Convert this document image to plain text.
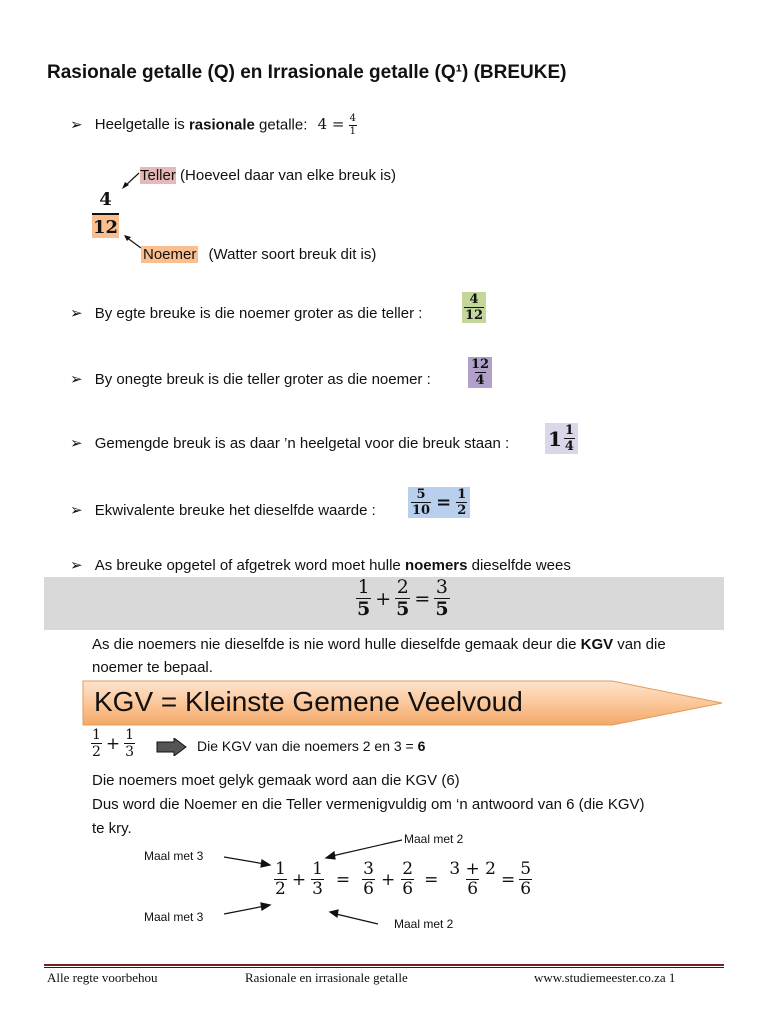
Rasionale getalle (Q) en Irrasionale getalle (Q¹) (BREUKE)
➢ Heelgetalle is rasionale getalle: $4 = \frac{4}{1}$
Teller (Hoeveel daar van elke breuk is)
$\frac{4}{12}$
Noemer (Watter soort breuk dit is)
➢ By egte breuke is die noemer groter as die teller :	$\frac{4}{12}$
➢ By onegte breuk is die teller groter as die noemer :	$\frac{12}{4}$
➢ Gemengde breuk is as daar ’n heelgetal voor die breuk staan : $1 \frac{1}{4}$
➢ Ekwivalente breuke het dieselfde waarde :	$\frac{5}{10} = \frac{1}{2}$
➢ As breuke opgetel of afgetrek word moet hulle noemers dieselfde wees
$\frac{1}{5} + \frac{2}{5} = \frac{3}{5}$
As die noemers nie dieselfde is nie word hulle dieselfde gemaak deur die KGV van die
noemer te bepaal.
KGV = Kleinste Gemene Veelvoud
$\frac{1}{2} + \frac{1}{3}$	Die KGV van die noemers 2 en 3 = 6
Die noemers moet gelyk gemaak word aan die KGV (6)
Dus word die Noemer en die Teller vermenigvuldig om ‘n antwoord van 6 (die KGV)
te kry.
Maal met 3
Maal met 3
Maal met 2
Maal met 2
$\frac{1}{2} + \frac{1}{3} = \frac{3}{6} + \frac{2}{6} = \frac{3 + 2}{6} = \frac{5}{6}$
Alle regte voorbehou	Rasionale en irrasionale getalle	www.studiemeester.co.za 1
